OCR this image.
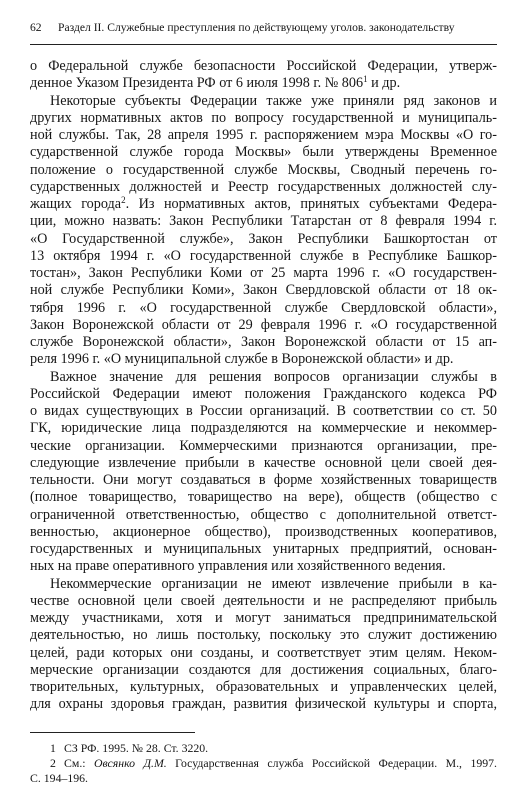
62 Раздел II. Служебные преступления по действующему уголов. законодательству
о Федеральной службе безопасности Российской Федерации, утверж-
денное Указом Президента РФ от 6 июля 1998 г. № $806^1$ и др.
Некоторые субъекты Федерации также уже приняли ряд законов и
других нормативных актов по вопросу государственной и муниципаль-
ной службы. Так, 28 апреля 1995 г. распоряжением мэра Москвы «О го-
сударственной службе города Москвы» были утверждены Временное
положение о государственной службе Москвы, Сводный перечень го-
сударственных должностей и Реестр государственных должностей слу-
жащих города$^2$. Из нормативных актов, принятых субъектами Федера-
ции, можно назвать: Закон Республики Татарстан от 8 февраля 1994 г.
«О Государственной службе», Закон Республики Башкортостан от
13 октября 1994 г. «О государственной службе в Республике Башкор-
тостан», Закон Республики Коми от 25 марта 1996 г. «О государствен-
ной службе Республики Коми», Закон Свердловской области от 18 ок-
тября 1996 г. «О государственной службе Свердловской области»,
Закон Воронежской области от 29 февраля 1996 г. «О государственной
службе Воронежской области», Закон Воронежской области от 15 ап-
реля 1996 г. «О муниципальной службе в Воронежской области» и др.
Важное значение для решения вопросов организации службы в
Российской Федерации имеют положения Гражданского кодекса РФ
о видах существующих в России организаций. В соответствии со ст. 50
ГК, юридические лица подразделяются на коммерческие и некоммер-
ческие организации. Коммерческими признаются организации, пре-
следующие извлечение прибыли в качестве основной цели своей дея-
тельности. Они могут создаваться в форме хозяйственных товариществ
(полное товарищество, товарищество на вере), обществ (общество с
ограниченной ответственностью, общество с дополнительной ответст-
венностью, акционерное общество), производственных кооперативов,
государственных и муниципальных унитарных предприятий, основан-
ных на праве оперативного управления или хозяйственного ведения.
Некоммерческие организации не имеют извлечение прибыли в ка-
честве основной цели своей деятельности и не распределяют прибыль
между участниками, хотя и могут заниматься предпринимательской
деятельностью, но лишь постольку, поскольку это служит достижению
целей, ради которых они созданы, и соответствует этим целям. Неком-
мерческие организации создаются для достижения социальных, благо-
творительных, культурных, образовательных и управленческих целей,
для охраны здоровья граждан, развития физической культуры и спорта,
1 СЗ РФ. 1995. № 28. Ст. 3220.
2 См.: Овсянко Д.М. Государственная служба Российской Федерации. М., 1997.
С. 194–196.
